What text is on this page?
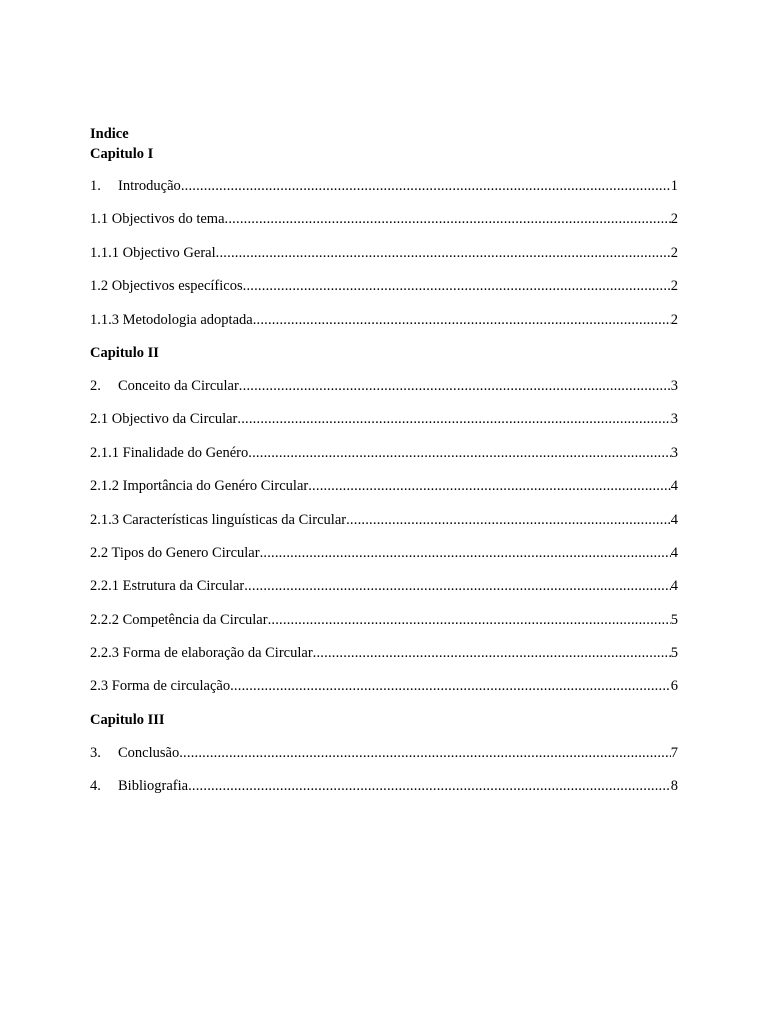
Indice
Capitulo I
1.	Introdução .....	1
1.1 Objectivos do tema .....	2
1.1.1 Objectivo Geral .....	2
1.2 Objectivos específicos .....	2
1.1.3 Metodologia adoptada .....	2
Capitulo II
2.	Conceito da Circular .....	3
2.1 Objectivo da Circular .....	3
2.1.1 Finalidade do Genéro .....	3
2.1.2 Importância do Genéro Circular .....	4
2.1.3 Características linguísticas da Circular .....	4
2.2 Tipos do Genero Circular .....	4
2.2.1 Estrutura da Circular .....	4
2.2.2 Competência da Circular .....	5
2.2.3 Forma de elaboração da Circular .....	5
2.3 Forma de circulação .....	6
Capitulo III
3.	Conclusão .....	7
4.	Bibliografia .....	8
